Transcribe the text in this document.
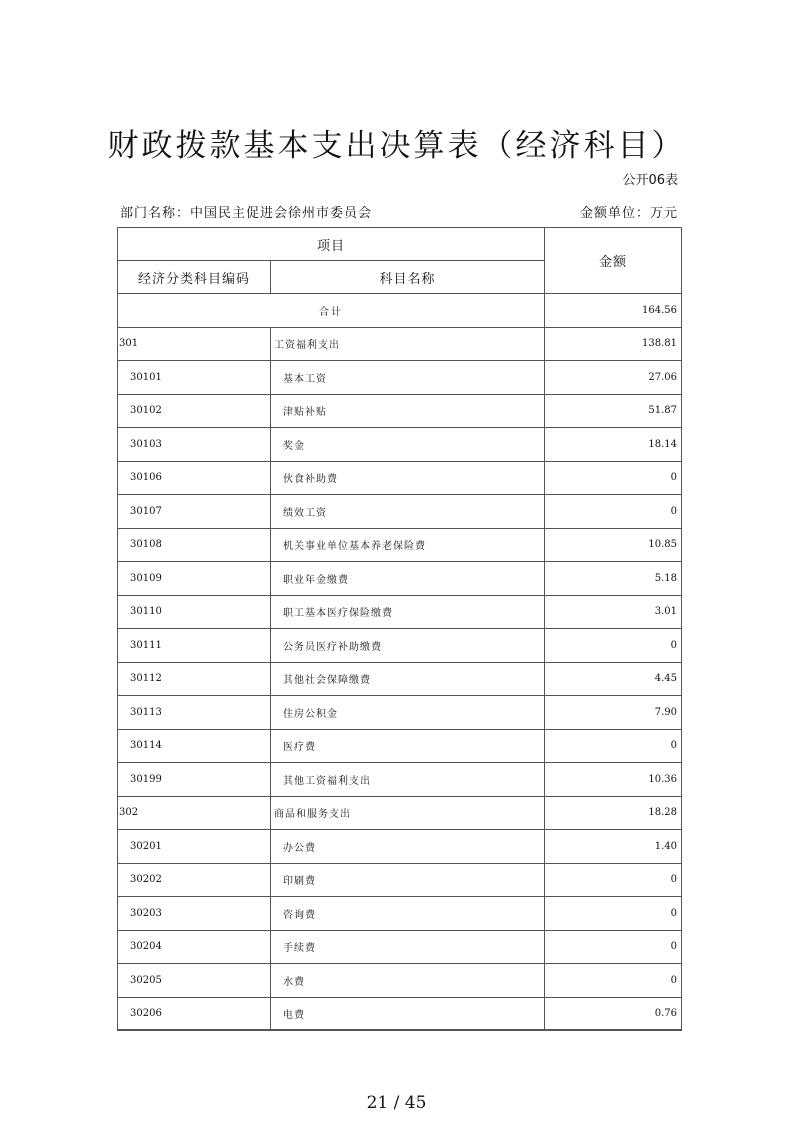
财政拨款基本支出决算表（经济科目）
公开06表
部门名称：中国民主促进会徐州市委员会	金额单位：万元
项目		金额
经济分类科目编码	科目名称	
合计		164.56
301	工资福利支出	138.81
30101	基本工资	27.06
30102	津贴补贴	51.87
30103	奖金	18.14
30106	伙食补助费	0
30107	绩效工资	0
30108	机关事业单位基本养老保险费	10.85
30109	职业年金缴费	5.18
30110	职工基本医疗保险缴费	3.01
30111	公务员医疗补助缴费	0
30112	其他社会保障缴费	4.45
30113	住房公积金	7.90
30114	医疗费	0
30199	其他工资福利支出	10.36
302	商品和服务支出	18.28
30201	办公费	1.40
30202	印刷费	0
30203	咨询费	0
30204	手续费	0
30205	水费	0
30206	电费	0.76
21 / 45
